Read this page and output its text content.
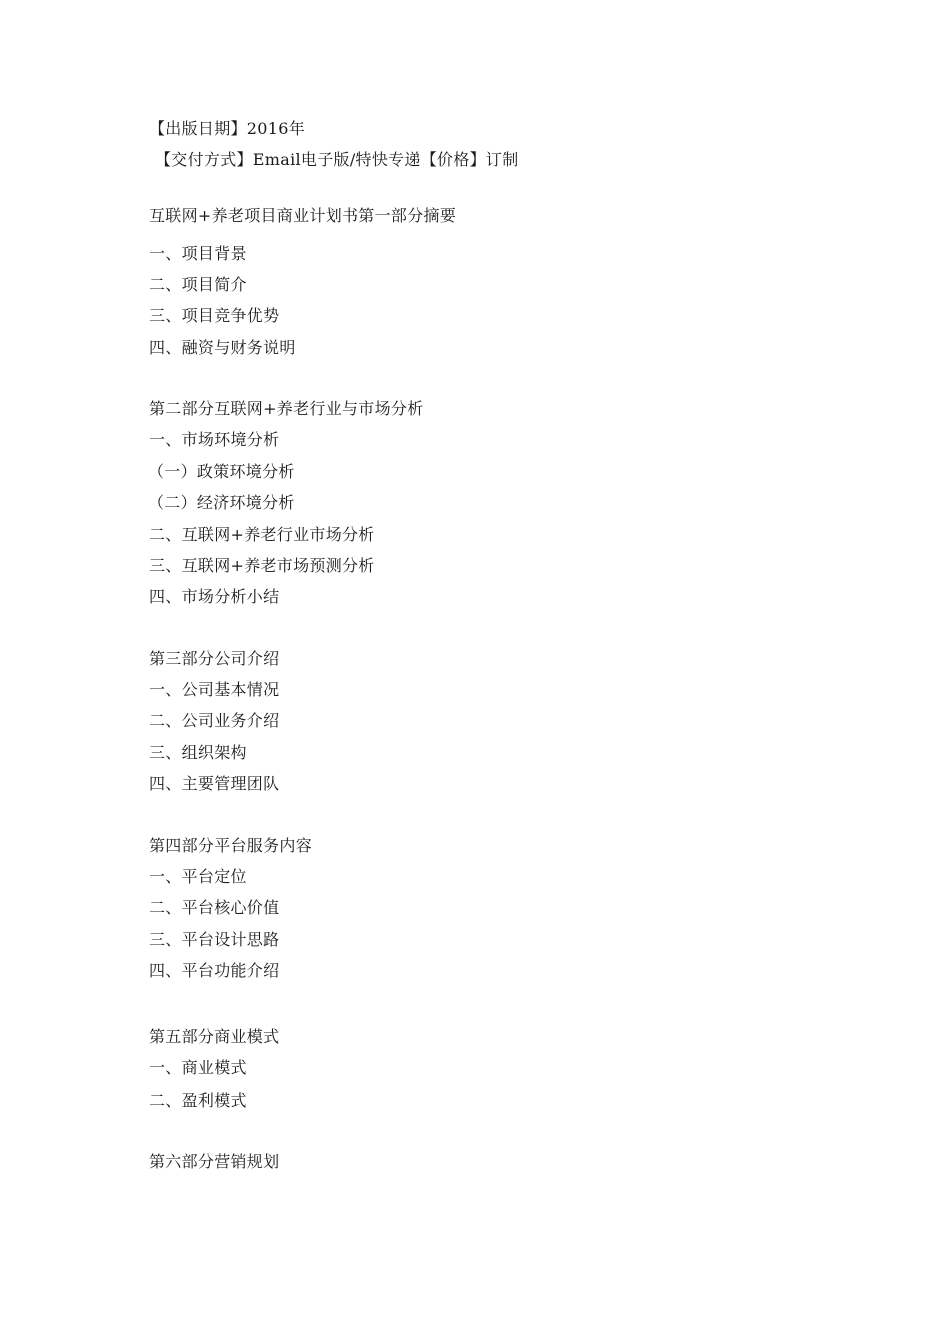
【出版日期】2016年
【交付方式】Email电子版/特快专递【价格】订制
互联网+养老项目商业计划书第一部分摘要
一、项目背景
二、项目简介
三、项目竞争优势
四、融资与财务说明
第二部分互联网+养老行业与市场分析
一、市场环境分析
（一）政策环境分析
（二）经济环境分析
二、互联网+养老行业市场分析
三、互联网+养老市场预测分析
四、市场分析小结
第三部分公司介绍
一、公司基本情况
二、公司业务介绍
三、组织架构
四、主要管理团队
第四部分平台服务内容
一、平台定位
二、平台核心价值
三、平台设计思路
四、平台功能介绍
第五部分商业模式
一、商业模式
二、盈利模式
第六部分营销规划
